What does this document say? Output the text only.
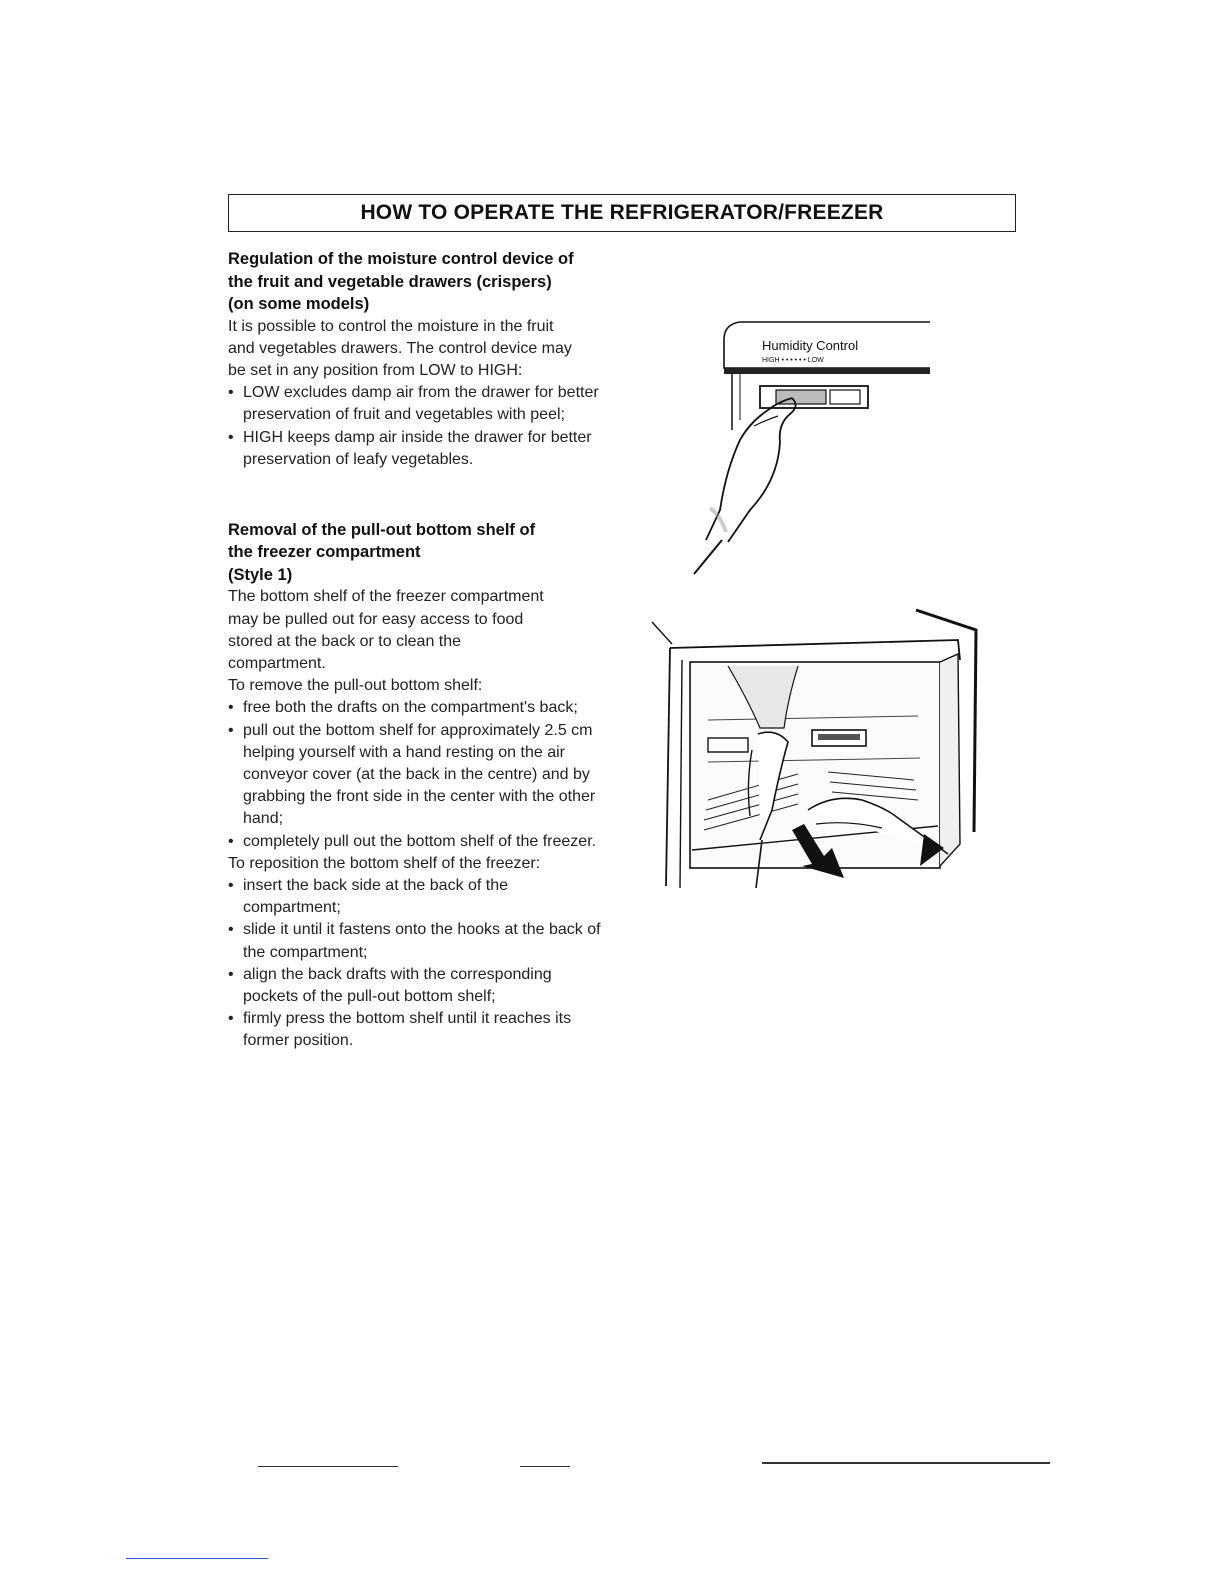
HOW TO OPERATE THE REFRIGERATOR/FREEZER

Regulation of the moisture control device of

the fruit and vegetable drawers (crispers)

(on some models)

It is possible to control the moisture in the fruit

and vegetables drawers. The control device may

be set in any position from LOW to HIGH:

• LOW excludes damp air from the drawer for better preservation of fruit and vegetables with peel;
• HIGH keeps damp air inside the drawer for better preservation of leafy vegetables.

Removal of the pull-out bottom shelf of

the freezer compartment

(Style 1)

The bottom shelf of the freezer compartment

may be pulled out for easy access to food

stored at the back or to clean the

compartment.

To remove the pull-out bottom shelf:

• free both the drafts on the compartment's back;
• pull out the bottom shelf for approximately 2.5 cm helping yourself with a hand resting on the air conveyor cover (at the back in the centre) and by grabbing the front side in the center with the other hand;
• completely pull out the bottom shelf of the freezer.

To reposition the bottom shelf of the freezer:

• insert the back side at the back of the compartment;
• slide it until it fastens onto the hooks at the back of the compartment;
• align the back drafts with the corresponding pockets of the pull-out bottom shelf;
• firmly press the bottom shelf until it reaches its former position.
Humidity Control
HIGH • • • • • • LOW
